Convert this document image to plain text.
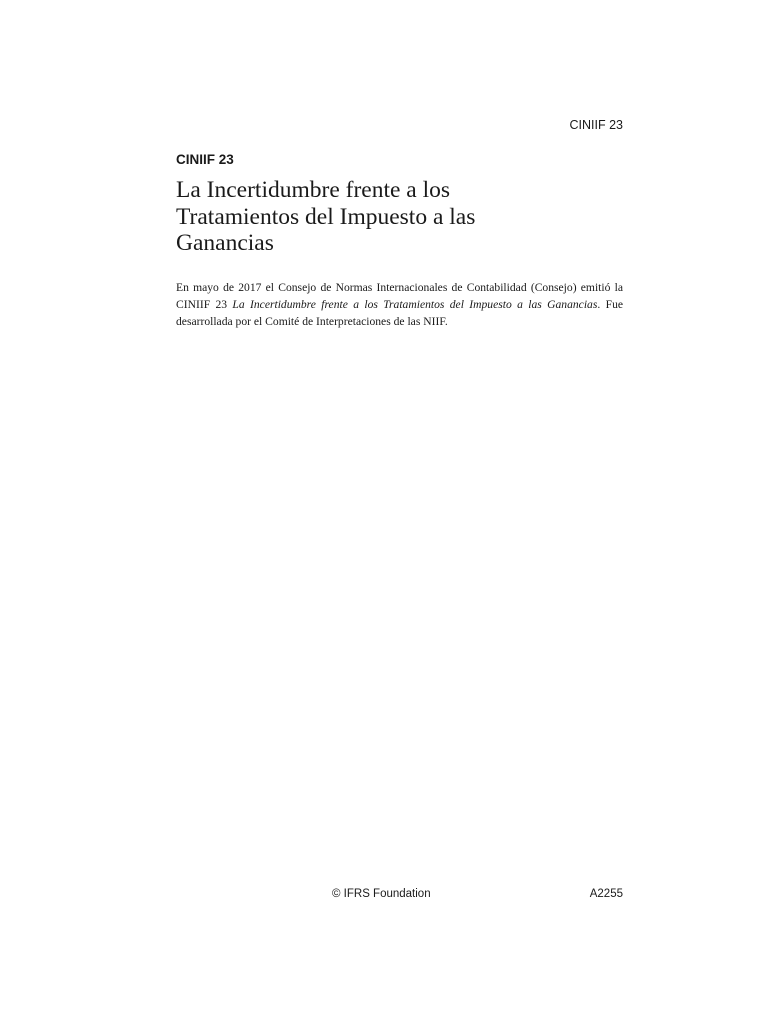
CINIIF 23
CINIIF 23
La Incertidumbre frente a los Tratamientos del Impuesto a las Ganancias

En mayo de 2017 el Consejo de Normas Internacionales de Contabilidad (Consejo) emitió la CINIIF 23 La Incertidumbre frente a los Tratamientos del Impuesto a las Ganancias. Fue desarrollada por el Comité de Interpretaciones de las NIIF.

© IFRS Foundation	A2255
